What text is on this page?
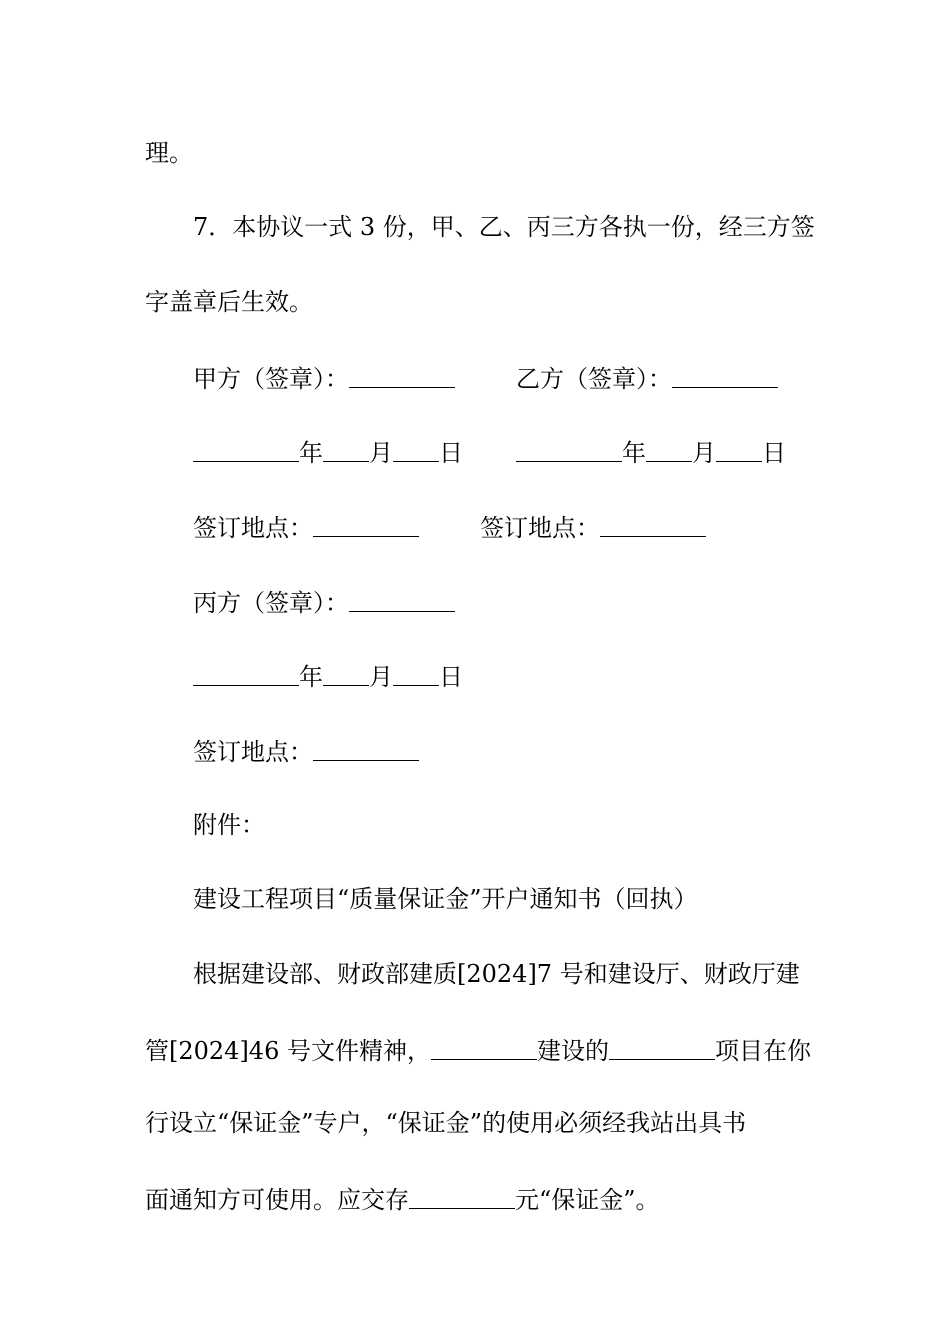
理。
7．本协议一式 3 份，甲、乙、丙三方各执一份，经三方签
字盖章后生效。
甲方（签章）：	乙方（签章）：
年 月 日	年 月 日
签订地点：	签订地点：
丙方（签章）：
年 月 日
签订地点：
附件：
建设工程项目“质量保证金”开户通知书（回执）
根据建设部、财政部建质[2024]7 号和建设厅、财政厅建
管[2024]46 号文件精神，	建设的	项目在你
行设立“保证金”专户，“保证金”的使用必须经我站出具书
面通知方可使用。应交存	元“保证金”。
